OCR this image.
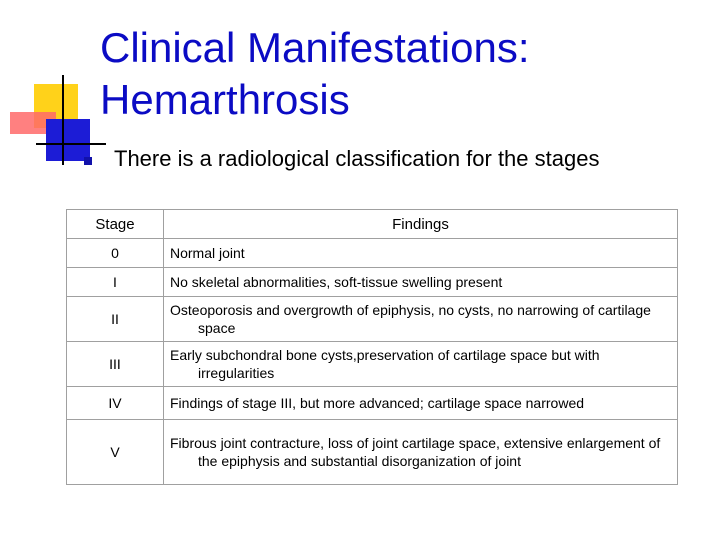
Clinical Manifestations:
Hemarthrosis
There is a radiological classification for the stages
Stage	Findings
0	Normal joint

I	No skeletal abnormalities, soft-tissue swelling present

II	Osteoporosis and overgrowth of epiphysis, no cysts, no narrowing of cartilage space

III	Early subchondral bone cysts,preservation of cartilage space but with irregularities

IV	Findings of stage III, but more advanced; cartilage space narrowed

V	Fibrous joint contracture, loss of joint cartilage space, extensive enlargement of the epiphysis and substantial disorganization of joint
